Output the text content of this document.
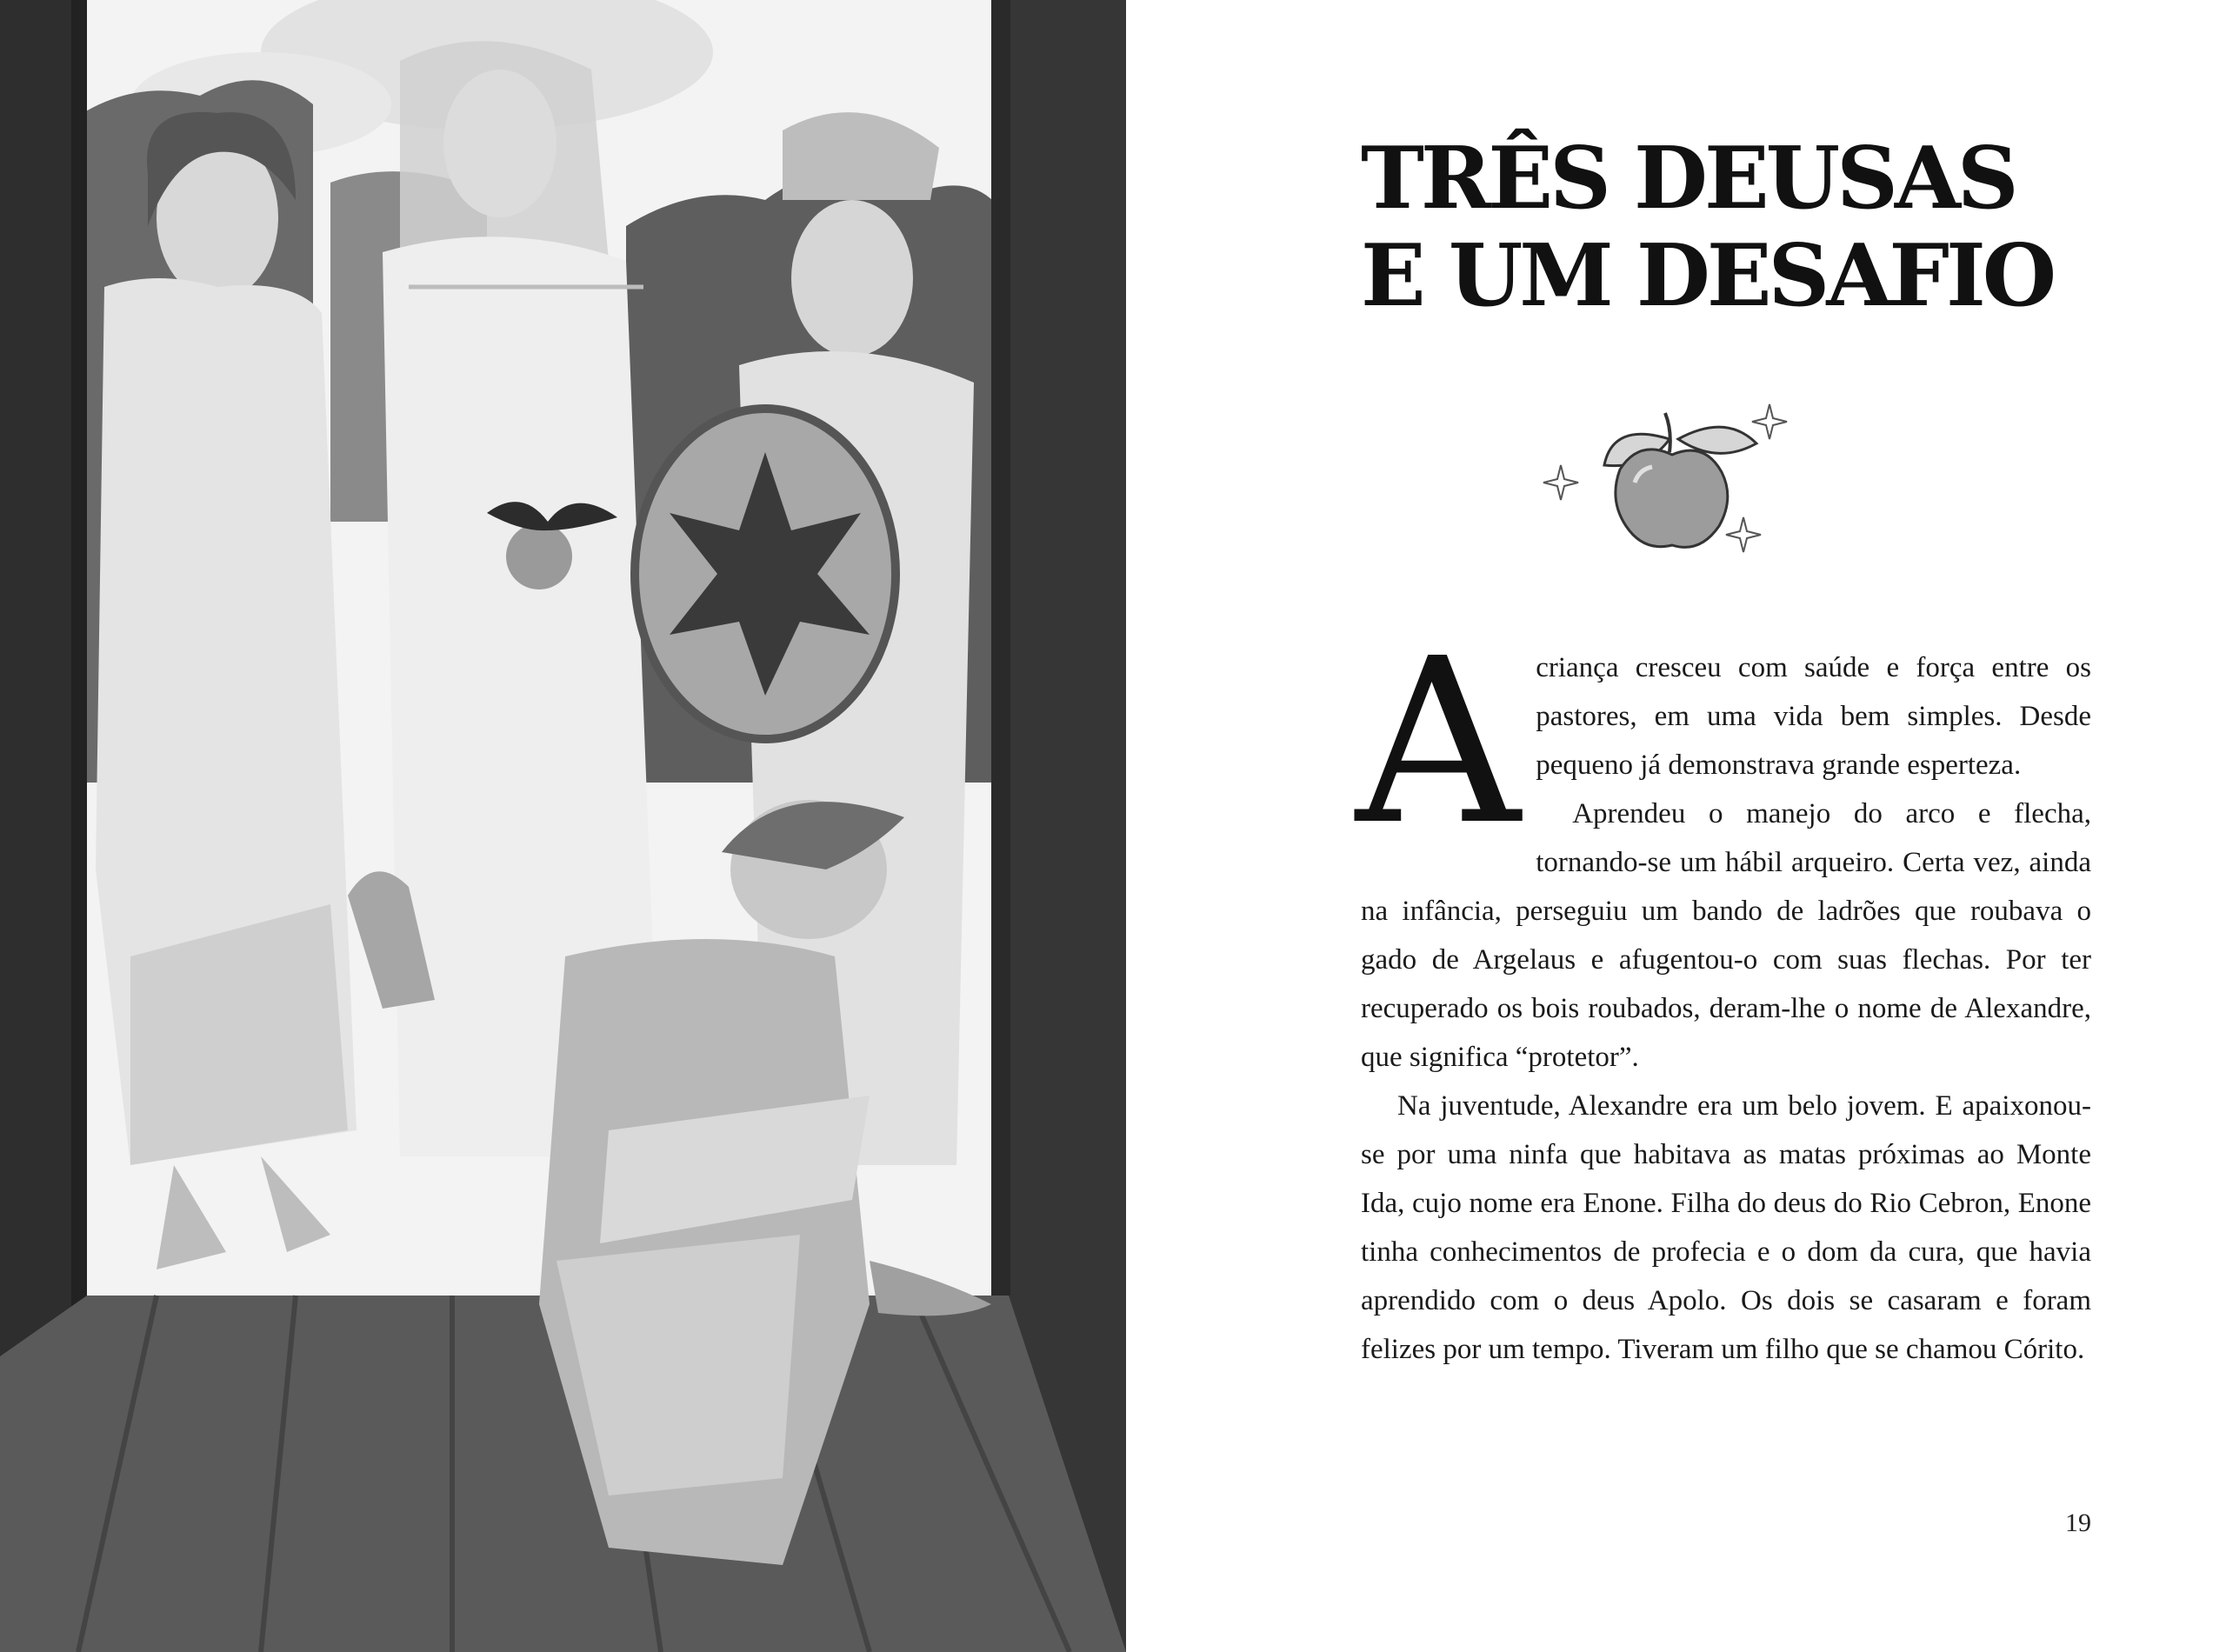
TRÊS DEUSAS
E UM DESAFIO

Acriança cresceu com saúde e força entre os pastores, em uma vida bem simples. Desde pequeno já demonstrava grande esperteza.

Aprendeu o manejo do arco e flecha, tornando-se um hábil arqueiro. Certa vez, ainda na infância, perseguiu um bando de ladrões que roubava o gado de Argelaus e afugentou-o com suas flechas. Por ter recuperado os bois roubados, deram-lhe o nome de Alexandre, que significa “protetor”.

Na juventude, Alexandre era um belo jovem. E apaixonou-se por uma ninfa que habitava as matas próximas ao Monte Ida, cujo nome era Enone. Filha do deus do Rio Cebron, Enone tinha conhecimentos de profecia e o dom da cura, que havia aprendido com o deus Apolo. Os dois se casaram e foram felizes por um tempo. Tiveram um filho que se chamou Córito.

19
